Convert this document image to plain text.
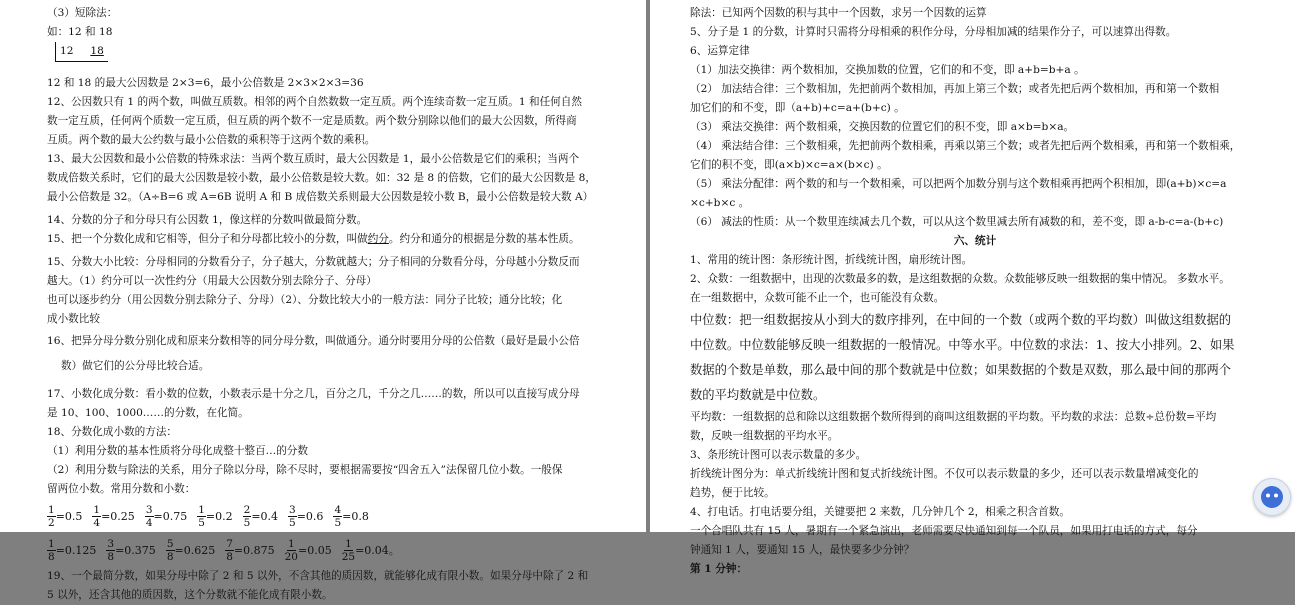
（3）短除法：
如：12 和 18
12 18
12 和 18 的最大公因数是 2×3=6，最小公倍数是 2×3×2×3=36
12、公因数只有 1 的两个数，叫做互质数。相邻的两个自然数数一定互质。两个连续奇数一定互质。1 和任何自然
数一定互质，任何两个质数一定互质，但互质的两个数不一定是质数。两个数分别除以他们的最大公因数，所得商
互质。两个数的最大公约数与最小公倍数的乘积等于这两个数的乘积。
13、最大公因数和最小公倍数的特殊求法：当两个数互质时，最大公因数是 1，最小公倍数是它们的乘积；当两个
数成倍数关系时，它们的最大公因数是较小数，最小公倍数是较大数。如：32 是 8 的倍数，它们的最大公因数是 8，
最小公倍数是 32。（A÷B=6 或 A=6B 说明 A 和 B 成倍数关系则最大公因数是较小数 B，最小公倍数是较大数 A）
14、分数的分子和分母只有公因数 1，像这样的分数叫做最简分数。
15、把一个分数化成和它相等，但分子和分母都比较小的分数，叫做约分。约分和通分的根据是分数的基本性质。
15、分数大小比较：分母相同的分数看分子，分子越大，分数就越大；分子相同的分数看分母，分母越小分数反而
越大。（1）约分可以一次性约分（用最大公因数分别去除分子、分母）
也可以逐步约分（用公因数分别去除分子、分母）（2）、分数比较大小的一般方法：同分子比较；通分比较；化
成小数比较
16、把异分母分数分别化成和原来分数相等的同分母分数，叫做通分。通分时要用分母的公倍数（最好是最小公倍
数）做它们的公分母比较合适。
17、小数化成分数：看小数的位数，小数表示是十分之几，百分之几，千分之几……的数，所以可以直接写成分母
是 10、100、1000……的分数，在化简。
18、分数化成小数的方法：
（1）利用分数的基本性质将分母化成整十整百…的分数
（2）利用分数与除法的关系，用分子除以分母，除不尽时，要根据需要按“四舍五入”法保留几位小数。一般保
留两位小数。常用分数和小数：
$\frac{1}{2} =0.5 \frac{1}{4} =0.25 \frac{3}{4} =0.75 \frac{1}{5} =0.2 \frac{2}{5} =0.4 \frac{3}{5} =0.6 \frac{4}{5} =0.8$
$\frac{1}{8} =0.125 \frac{3}{8} =0.375 \frac{5}{8} =0.625 \frac{7}{8} =0.875 \frac{1}{20} =0.05 \frac{1}{25} =0.04$。
19、一个最简分数，如果分母中除了 2 和 5 以外，不含其他的质因数，就能够化成有限小数。如果分母中除了 2 和
5 以外，还含其他的质因数，这个分数就不能化成有限小数。
除法：已知两个因数的积与其中一个因数，求另一个因数的运算
5、分子是 1 的分数，计算时只需将分母相乘的积作分母，分母相加减的结果作分子，可以速算出得数。
6、运算定律
（1）加法交换律：两个数相加，交换加数的位置，它们的和不变，即 a+b=b+a 。
（2） 加法结合律：三个数相加，先把前两个数相加，再加上第三个数；或者先把后两个数相加，再和第一个数相
加它们的和不变，即（a+b)+c=a+(b+c) 。
（3） 乘法交换律：两个数相乘，交换因数的位置它们的积不变，即 a×b=b×a。
（4） 乘法结合律：三个数相乘，先把前两个数相乘，再乘以第三个数；或者先把后两个数相乘，再和第一个数相乘，
它们的积不变，即(a×b)×c=a×(b×c) 。
（5） 乘法分配律：两个数的和与一个数相乘，可以把两个加数分别与这个数相乘再把两个积相加，即(a+b)×c=a
×c+b×c 。
（6） 减法的性质：从一个数里连续减去几个数，可以从这个数里减去所有减数的和，差不变，即 a-b-c=a-(b+c)
六、统计
1、常用的统计图：条形统计图，折线统计图，扇形统计图。
2、众数：一组数据中，出现的次数最多的数，是这组数据的众数。众数能够反映一组数据的集中情况。 多数水平。
在一组数据中，众数可能不止一个，也可能没有众数。
中位数：把一组数据按从小到大的数序排列，在中间的一个数（或两个数的平均数）叫做这组数据的
中位数。中位数能够反映一组数据的一般情况。中等水平。中位数的求法：1、按大小排列。2、如果
数据的个数是单数，那么最中间的那个数就是中位数；如果数据的个数是双数，那么最中间的那两个
数的平均数就是中位数。
平均数：一组数据的总和除以这组数据个数所得到的商叫这组数据的平均数。平均数的求法：总数÷总份数=平均
数，反映一组数据的平均水平。
3、条形统计图可以表示数量的多少。
折线统计图分为：单式折线统计图和复式折线统计图。不仅可以表示数量的多少，还可以表示数量增减变化的
趋势，便于比较。
4、打电话。打电话要分组，关键要把 2 来数，几分钟几个 2，相乘之积含首数。
一个合唱队共有 15 人，暑期有一个紧急演出，老师需要尽快通知到每一个队员，如果用打电话的方式，每分
钟通知 1 人，要通知 15 人，最快要多少分钟？
第 1 分钟：
